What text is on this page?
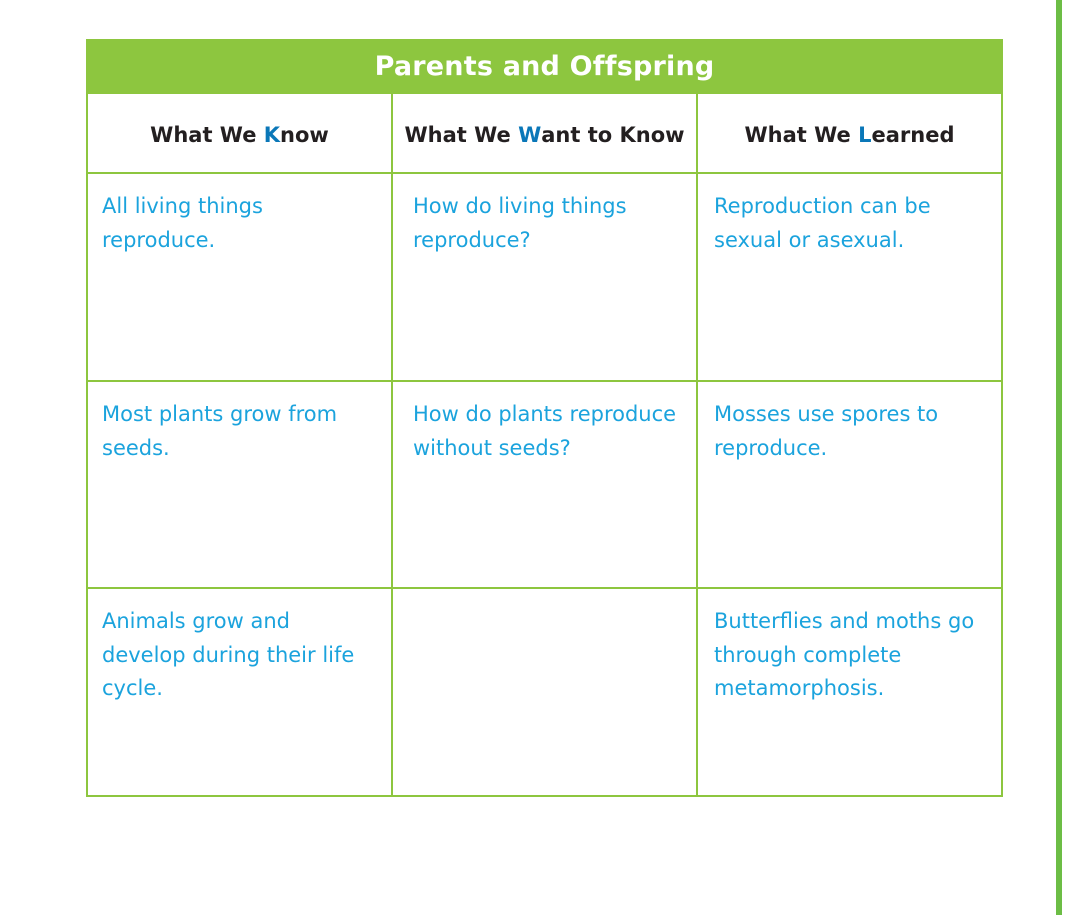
Parents and Offspring
What We K now	What We W ant to Know	What We L earned
All living things reproduce.
How do living things reproduce?
Reproduction can be sexual or asexual.
Most plants grow from seeds.
How do plants reproduce without seeds?
Mosses use spores to reproduce.
Animals grow and develop during their life cycle.
Butterflies and moths go through complete metamorphosis.
